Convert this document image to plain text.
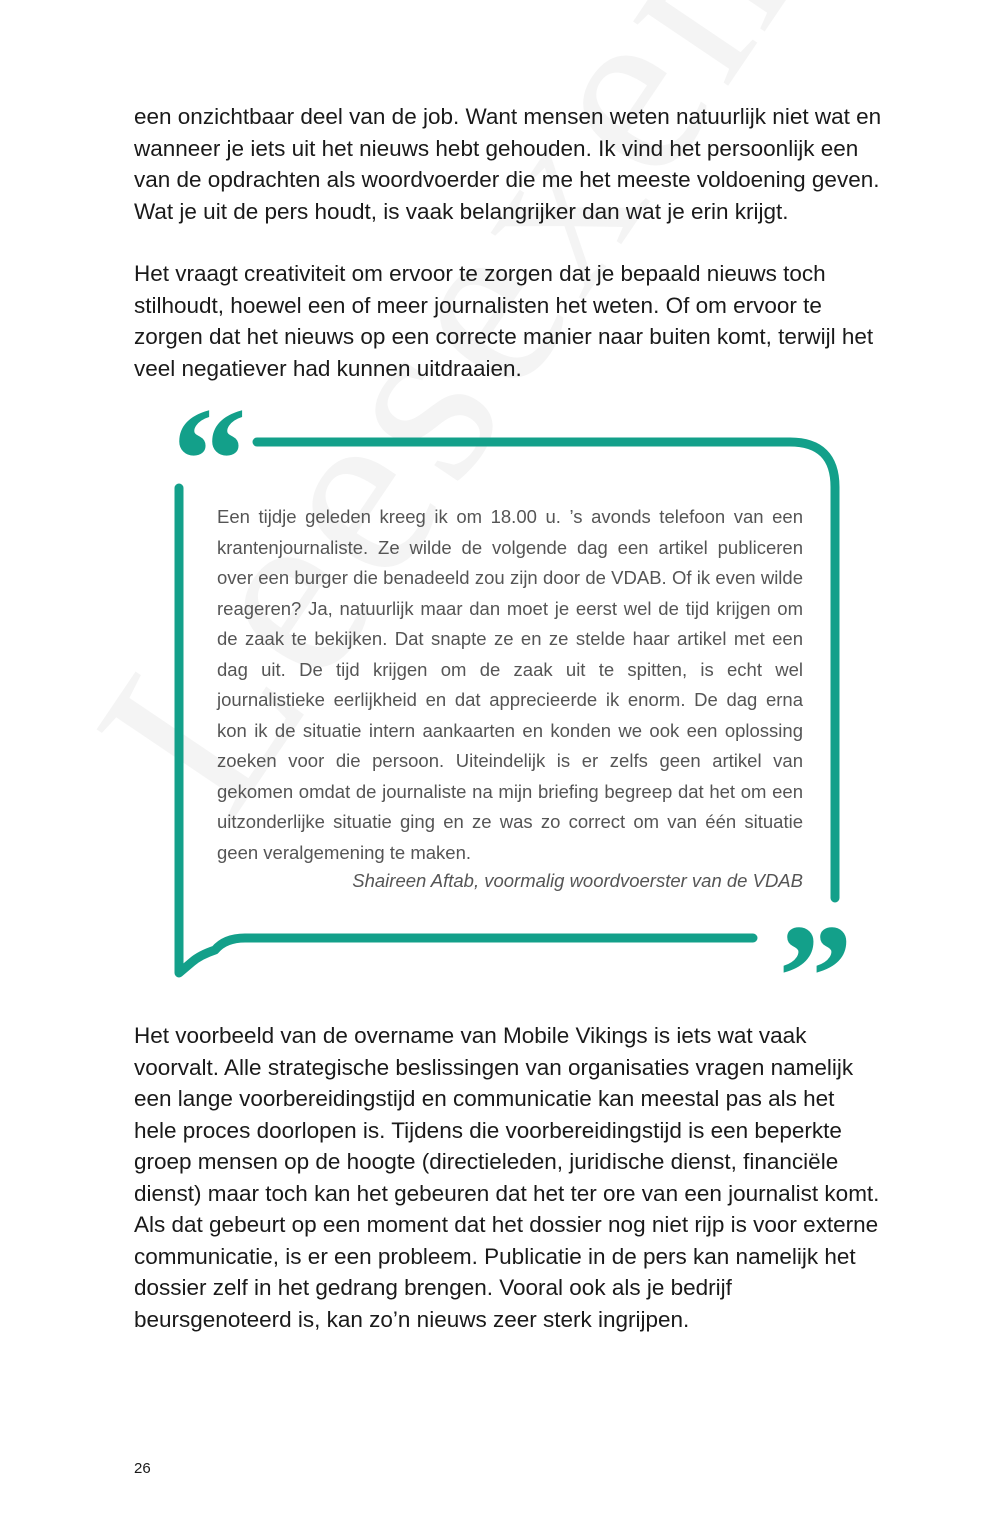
een onzichtbaar deel van de job. Want mensen weten natuurlijk niet wat en wanneer je iets uit het nieuws hebt gehouden. Ik vind het persoonlijk een van de opdrachten als woordvoerder die me het meeste voldoening geven. Wat je uit de pers houdt, is vaak belangrijker dan wat je erin krijgt.

Het vraagt creativiteit om ervoor te zorgen dat je bepaald nieuws toch stilhoudt, hoewel een of meer journalisten het weten. Of om ervoor te zorgen dat het nieuws op een correcte manier naar buiten komt, terwijl het veel negatiever had kunnen uitdraaien.

“
”

Een tijdje geleden kreeg ik om 18.00 u. ’s avonds telefoon van een krantenjournaliste. Ze wilde de volgende dag een artikel publiceren over een burger die benadeeld zou zijn door de VDAB. Of ik even wilde reageren? Ja, natuurlijk maar dan moet je eerst wel de tijd krijgen om de zaak te bekijken. Dat snapte ze en ze stelde haar artikel met een dag uit. De tijd krijgen om de zaak uit te spitten, is echt wel journalistieke eerlijkheid en dat apprecieerde ik enorm. De dag erna kon ik de situatie intern aankaarten en konden we ook een oplossing zoeken voor die persoon. Uiteindelijk is er zelfs geen artikel van gekomen omdat de journaliste na mijn briefing begreep dat het om een uitzonderlijke situatie ging en ze was zo correct om van één situatie geen veralgemening te maken.

Shaireen Aftab, voormalig woordvoerster van de VDAB

Het voorbeeld van de overname van Mobile Vikings is iets wat vaak voorvalt. Alle strategische beslissingen van organisaties vragen namelijk een lange voorbereidingstijd en communicatie kan meestal pas als het hele proces doorlopen is. Tijdens die voorbereidingstijd is een beperkte groep mensen op de hoogte (directieleden, juridische dienst, financiële dienst) maar toch kan het gebeuren dat het ter ore van een journalist komt. Als dat gebeurt op een moment dat het dossier nog niet rijp is voor externe communicatie, is er een probleem. Publicatie in de pers kan namelijk het dossier zelf in het gedrang brengen. Vooral ook als je bedrijf beursgenoteerd is, kan zo’n nieuws zeer sterk ingrijpen.

26
